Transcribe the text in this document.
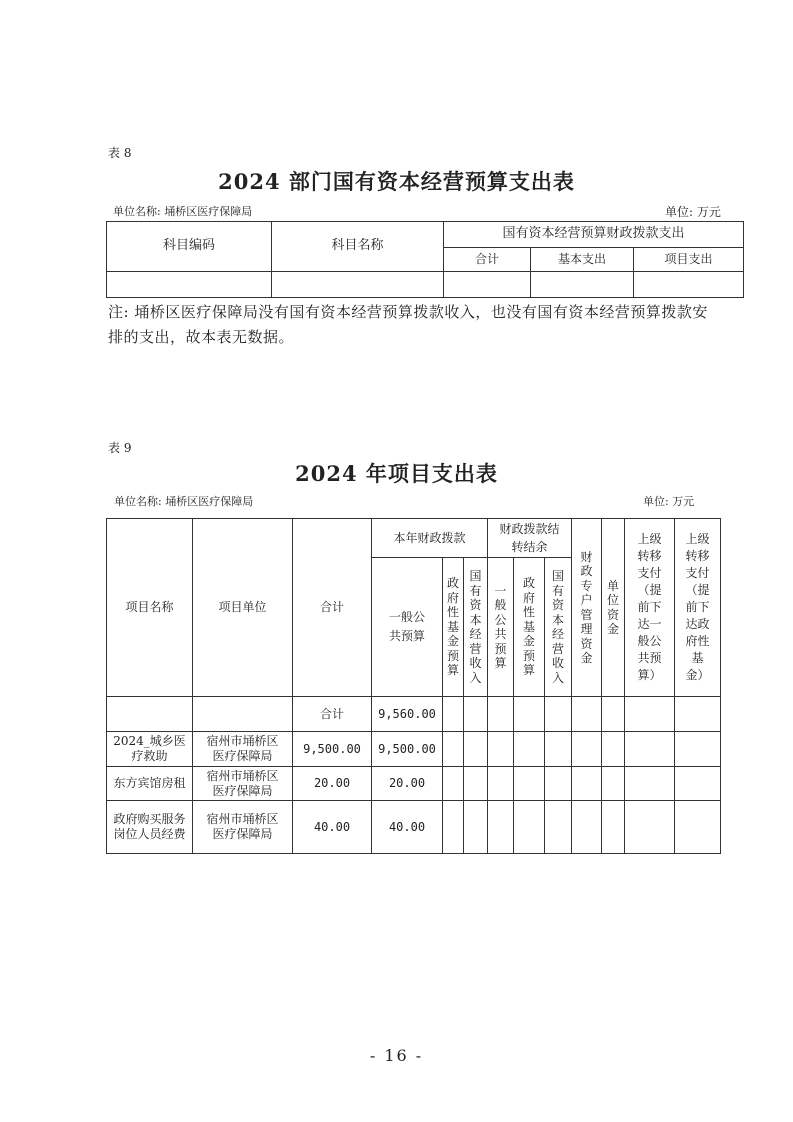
表 8
2024 部门国有资本经营预算支出表
单位名称: 埇桥区医疗保障局	单位: 万元
科目编码	科目名称	国有资本经营预算财政拨款支出		
		合计	基本支出	项目支出

注: 埇桥区医疗保障局没有国有资本经营预算拨款收入，也没有国有资本经营预算拨款安排的支出，故本表无数据。
表 9
2024 年项目支出表
单位名称: 埇桥区医疗保障局	单位: 万元
项目名称	项目单位	合计	本年财政拨款			财政拨款结转结余			财政专户管理资金	单位资金	上级转移支付（提前下达一般公共预算）	上级转移支付（提前下达政府性基金）

			一般公共预算	政府性基金预算	国有资本经营收入	一般公共预算	政府性基金预算	国有资本经营收入				
		合计	9,560.00									
2024_城乡医疗救助	宿州市埇桥区医疗保障局	9,500.00	9,500.00									
东方宾馆房租	宿州市埇桥区医疗保障局	20.00	20.00									
政府购买服务岗位人员经费	宿州市埇桥区医疗保障局	40.00	40.00									
- 16 -
